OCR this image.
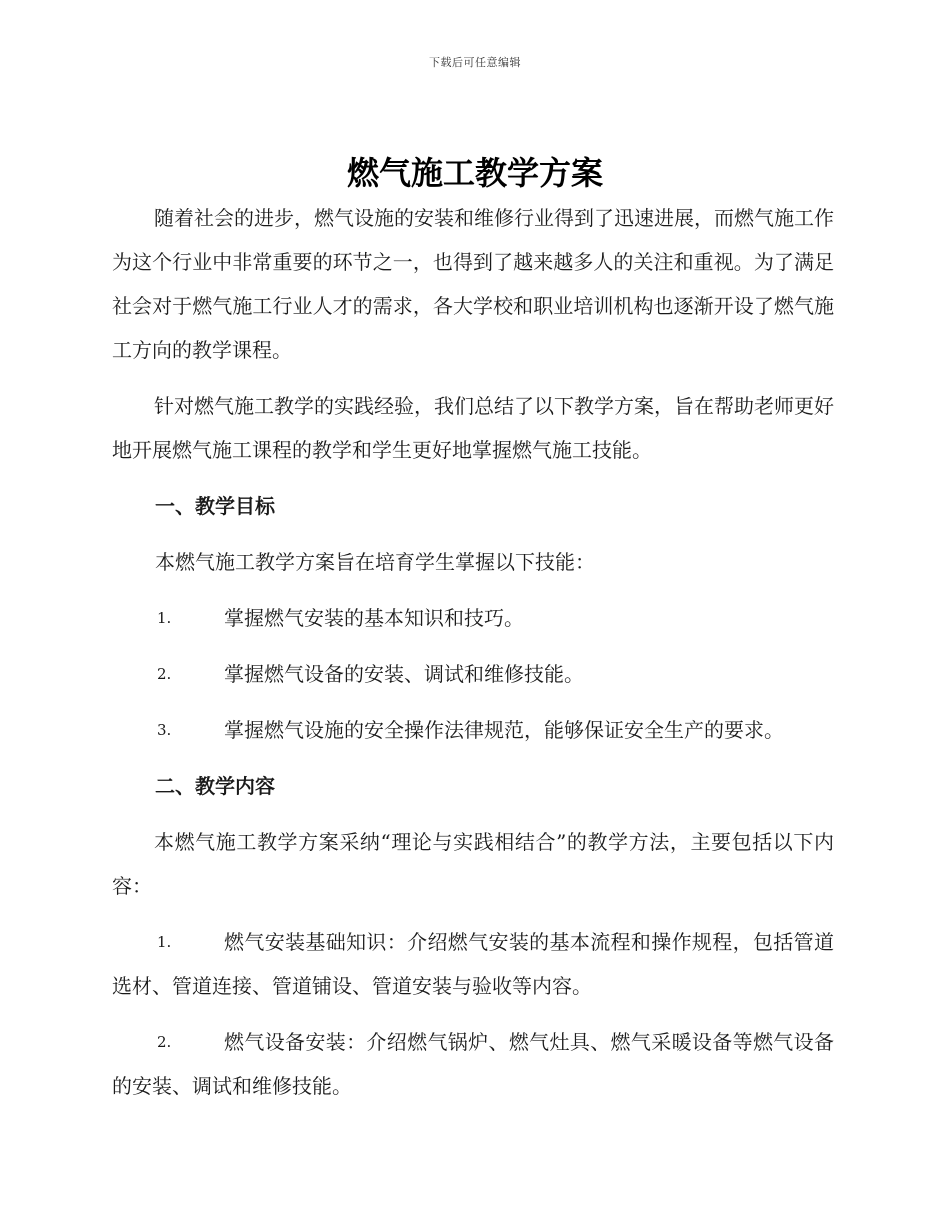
下载后可任意编辑
燃气施工教学方案

随着社会的进步，燃气设施的安装和维修行业得到了迅速进展，而燃气施工作为这个行业中非常重要的环节之一，也得到了越来越多人的关注和重视。为了满足社会对于燃气施工行业人才的需求，各大学校和职业培训机构也逐渐开设了燃气施工方向的教学课程。

针对燃气施工教学的实践经验，我们总结了以下教学方案，旨在帮助老师更好地开展燃气施工课程的教学和学生更好地掌握燃气施工技能。

一、教学目标
本燃气施工教学方案旨在培育学生掌握以下技能：
1.	掌握燃气安装的基本知识和技巧。
2.	掌握燃气设备的安装、调试和维修技能。
3.	掌握燃气设施的安全操作法律规范，能够保证安全生产的要求。
二、教学内容

本燃气施工教学方案采纳“理论与实践相结合”的教学方法，主要包括以下内容：

1.	燃气安装基础知识：介绍燃气安装的基本流程和操作规程，包括管道选材、管道连接、管道铺设、管道安装与验收等内容。

2.	燃气设备安装：介绍燃气锅炉、燃气灶具、燃气采暖设备等燃气设备的安装、调试和维修技能。
